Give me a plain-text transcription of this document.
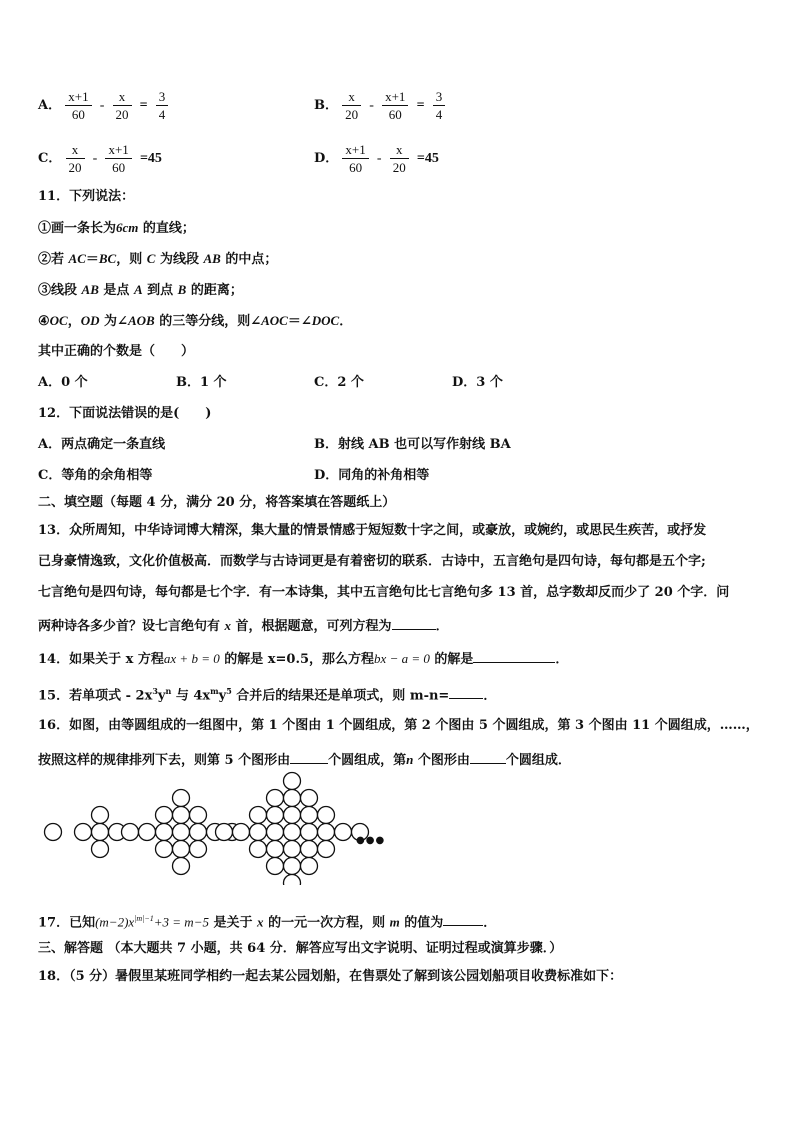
A． $\frac{x+1}{60} - \frac{x}{20} = \frac{3}{4}$	B． $\frac{x}{20} - \frac{x+1}{60} = \frac{3}{4}$
C． $\frac{x}{20} - \frac{x+1}{60} =45$	D． $\frac{x+1}{60} - \frac{x}{20} =45$
11．下列说法：
①画一条长为6cm 的直线；
②若 AC＝BC，则 C 为线段 AB 的中点；
③线段 AB 是点 A 到点 B 的距离；
④OC，OD 为∠AOB 的三等分线，则∠AOC＝∠DOC．
其中正确的个数是（　　）
A．0 个	B．1 个	C．2 个	D．3 个
12．下面说法错误的是(　　)
A．两点确定一条直线	B．射线 AB 也可以写作射线 BA
C．等角的余角相等	D．同角的补角相等
二、填空题（每题 4 分，满分 20 分，将答案填在答题纸上）
13．众所周知，中华诗词博大精深，集大量的情景情感于短短数十字之间，或豪放，或婉约，或思民生疾苦，或抒发
已身豪情逸致，文化价值极高．而数学与古诗词更是有着密切的联系．古诗中，五言绝句是四句诗，每句都是五个字;
七言绝句是四句诗，每句都是七个字．有一本诗集，其中五言绝句比七言绝句多 13 首，总字数却反而少了 20 个字．问
两种诗各多少首？设七言绝句有 x 首，根据题意，可列方程为	．
14．如果关于 x 方程ax + b = 0 的解是 x=0.5，那么方程bx − a = 0 的解是	．
15．若单项式 - $2x^3y^n$ 与 $4x^my^5$ 合并后的结果还是单项式，则 m-n=	．
16．如图，由等圆组成的一组图中，第 1 个图由 1 个圆组成，第 2 个图由 5 个圆组成，第 3 个图由 11 个圆组成，……，
按照这样的规律排列下去，则第 5 个图形由	个圆组成，第n 个图形由	个圆组成．
●●●
17．已知$(m-2)x^{|m|-1}+3 = m-5$ 是关于 x 的一元一次方程，则 m 的值为	．
三、解答题 （本大题共 7 小题，共 64 分．解答应写出文字说明、证明过程或演算步骤．）
18．（5 分）暑假里某班同学相约一起去某公园划船，在售票处了解到该公园划船项目收费标准如下：
